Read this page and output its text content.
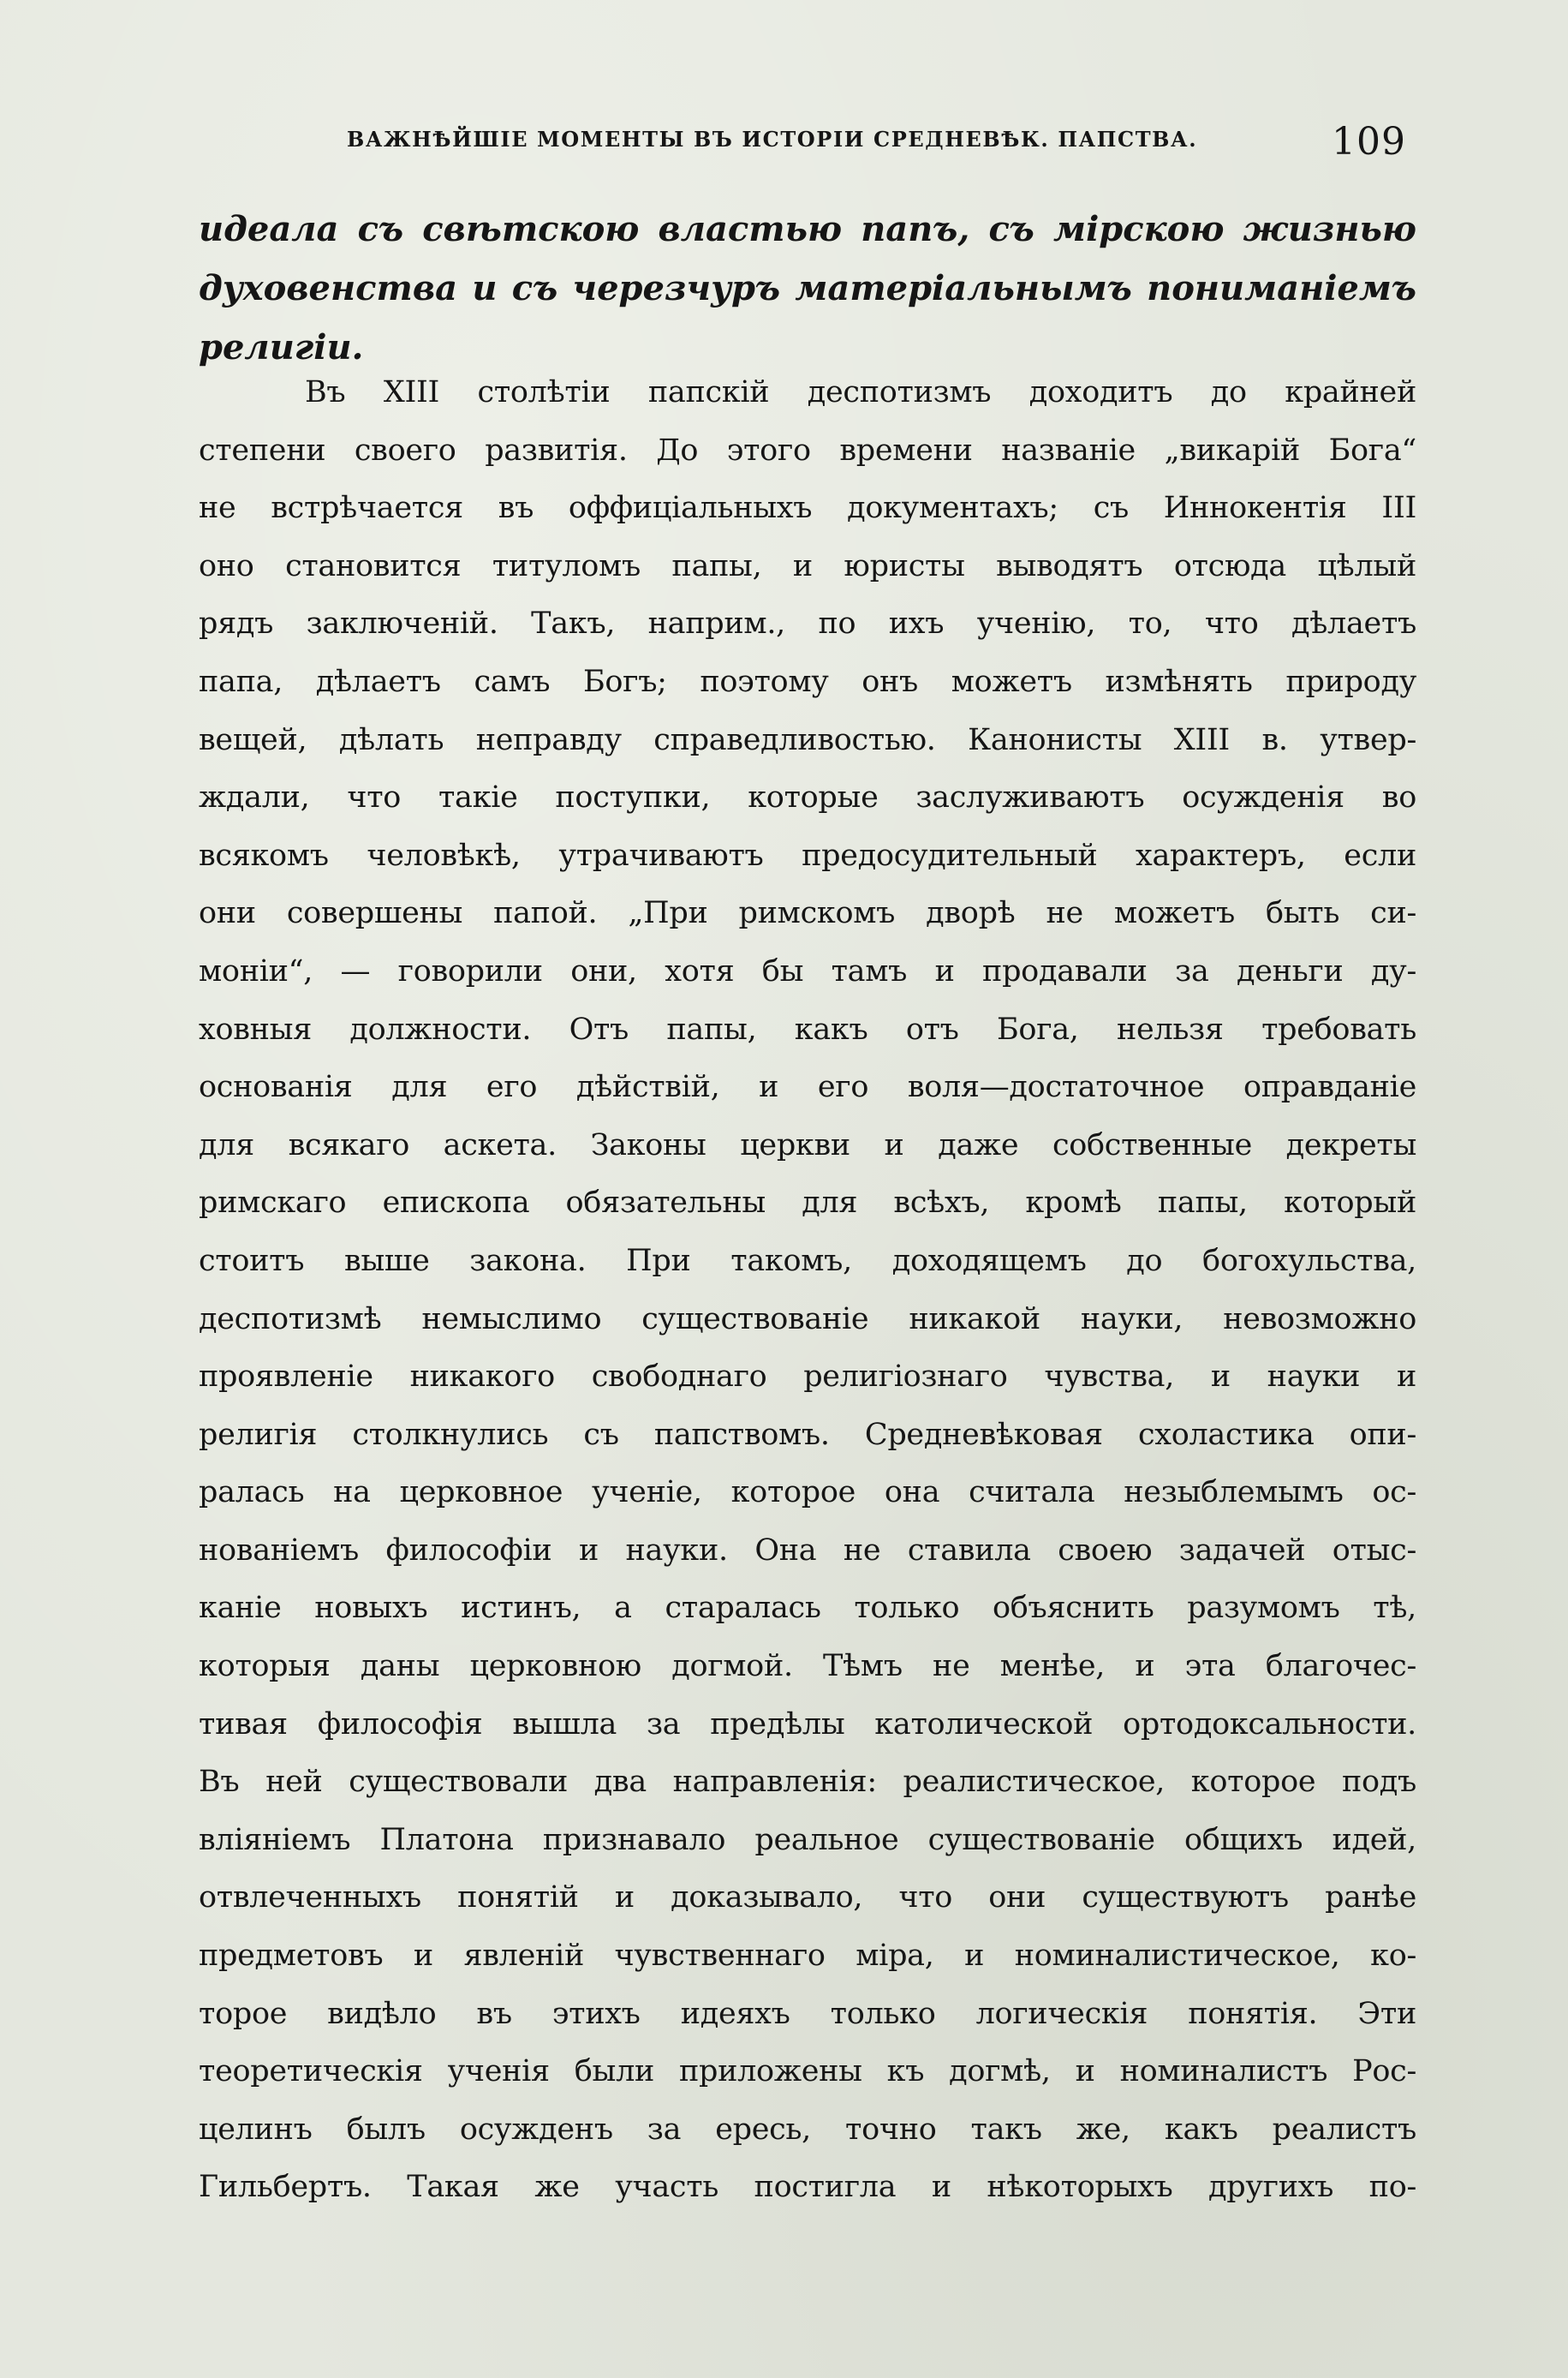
ВАЖНѢЙШІЕ МОМЕНТЫ ВЪ ИСТОРІИ СРЕДНЕВѢК. ПАПСТВА.	109
идеала съ свѣтскою властью папъ, съ мірскою жизнью
духовенства и съ черезчуръ матеріальнымъ пониманіемъ
религіи.
Въ XIII столѣтіи папскій деспотизмъ доходитъ до крайней
степени своего развитія. До этого времени названіе „викарій Бога“
не встрѣчается въ оффиціальныхъ документахъ; съ Иннокентія III
оно становится титуломъ папы, и юристы выводятъ отсюда цѣлый
рядъ заключеній. Такъ, наприм., по ихъ ученію, то, что дѣлаетъ
папа, дѣлаетъ самъ Богъ; поэтому онъ можетъ измѣнять природу
вещей, дѣлать неправду справедливостью. Канонисты XIII в. утвер-
ждали, что такіе поступки, которые заслуживаютъ осужденія во
всякомъ человѣкѣ, утрачиваютъ предосудительный характеръ, если
они совершены папой. „При римскомъ дворѣ не можетъ быть си-
моніи“, — говорили они, хотя бы тамъ и продавали за деньги ду-
ховныя должности. Отъ папы, какъ отъ Бога, нельзя требовать
основанія для его дѣйствій, и его воля—достаточное оправданіе
для всякаго аскета. Законы церкви и даже собственные декреты
римскаго епископа обязательны для всѣхъ, кромѣ папы, который
стоитъ выше закона. При такомъ, доходящемъ до богохульства,
деспотизмѣ немыслимо существованіе никакой науки, невозможно
проявленіе никакого свободнаго религіознаго чувства, и науки и
религія столкнулись съ папствомъ. Средневѣковая схоластика опи-
ралась на церковное ученіе, которое она считала незыблемымъ ос-
нованіемъ философіи и науки. Она не ставила своею задачей отыс-
каніе новыхъ истинъ, а старалась только объяснить разумомъ тѣ,
которыя даны церковною догмой. Тѣмъ не менѣе, и эта благочес-
тивая философія вышла за предѣлы католической ортодоксальности.
Въ ней существовали два направленія: реалистическое, которое подъ
вліяніемъ Платона признавало реальное существованіе общихъ идей,
отвлеченныхъ понятій и доказывало, что они существуютъ ранѣе
предметовъ и явленій чувственнаго міра, и номиналистическое, ко-
торое видѣло въ этихъ идеяхъ только логическія понятія. Эти
теоретическія ученія были приложены къ догмѣ, и номиналистъ Рос-
целинъ былъ осужденъ за ересь, точно такъ же, какъ реалистъ
Гильбертъ. Такая же участь постигла и нѣкоторыхъ другихъ по-
